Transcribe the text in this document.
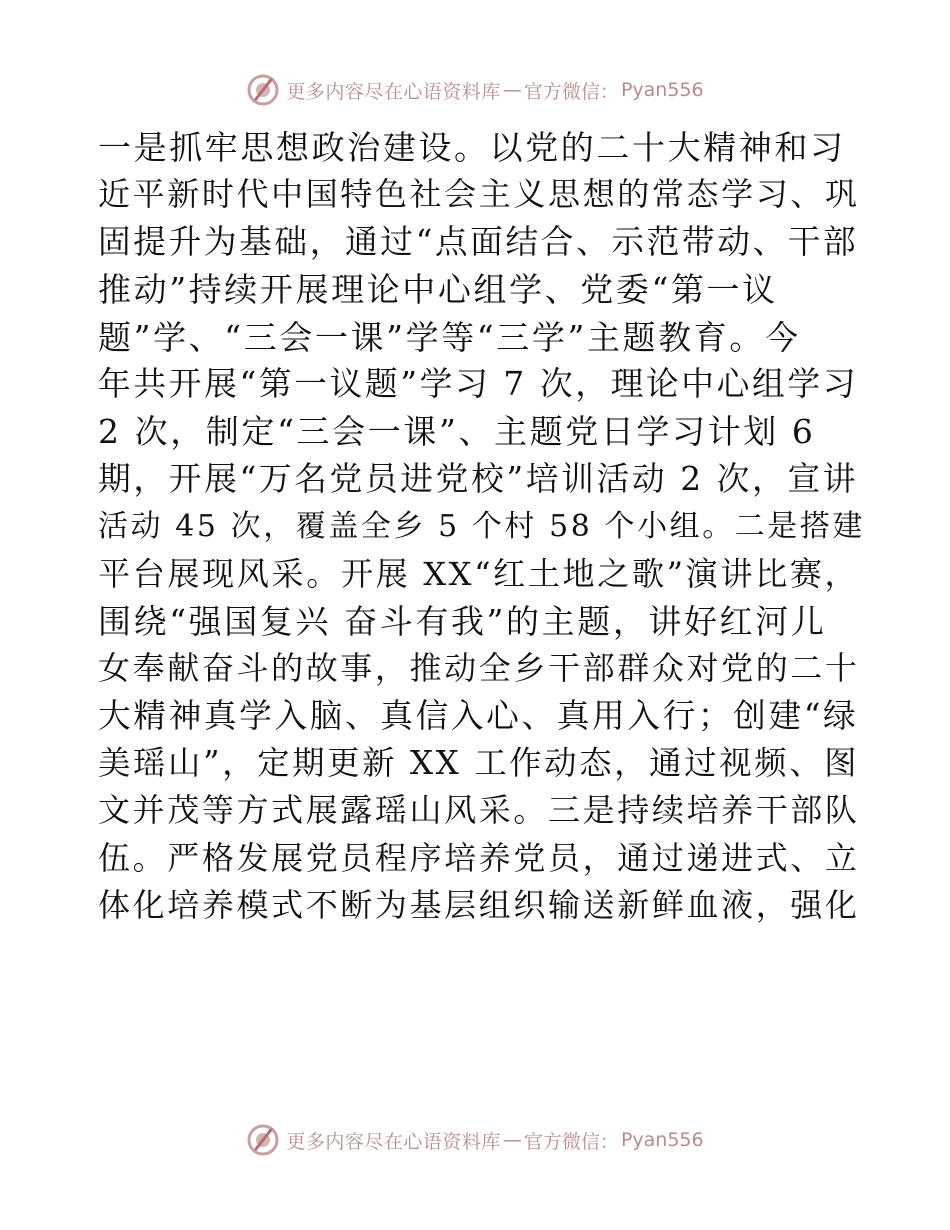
更多内容尽在心语资料库 — 官方微信： Pyan556
一是抓牢思想政治建设。以党的二十大精神和习
近平新时代中国特色社会主义思想的常态学习、巩
固提升为基础，通过“点面结合、示范带动、干部
推动”持续开展理论中心组学、党委“第一议
题”学、“三会一课”学等“三学”主题教育。今
年共开展“第一议题”学习 7 次，理论中心组学习
2 次，制定“三会一课”、主题党日学习计划 6
期，开展“万名党员进党校”培训活动 2 次，宣讲
活动 45 次，覆盖全乡 5 个村 58 个小组。二是搭建
平台展现风采。开展 XX“红土地之歌”演讲比赛，
围绕“强国复兴 奋斗有我”的主题，讲好红河儿
女奉献奋斗的故事，推动全乡干部群众对党的二十
大精神真学入脑、真信入心、真用入行；创建“绿
美瑶山”，定期更新 XX 工作动态，通过视频、图
文并茂等方式展露瑶山风采。三是持续培养干部队
伍。严格发展党员程序培养党员，通过递进式、立
体化培养模式不断为基层组织输送新鲜血液，强化
更多内容尽在心语资料库 — 官方微信： Pyan556
